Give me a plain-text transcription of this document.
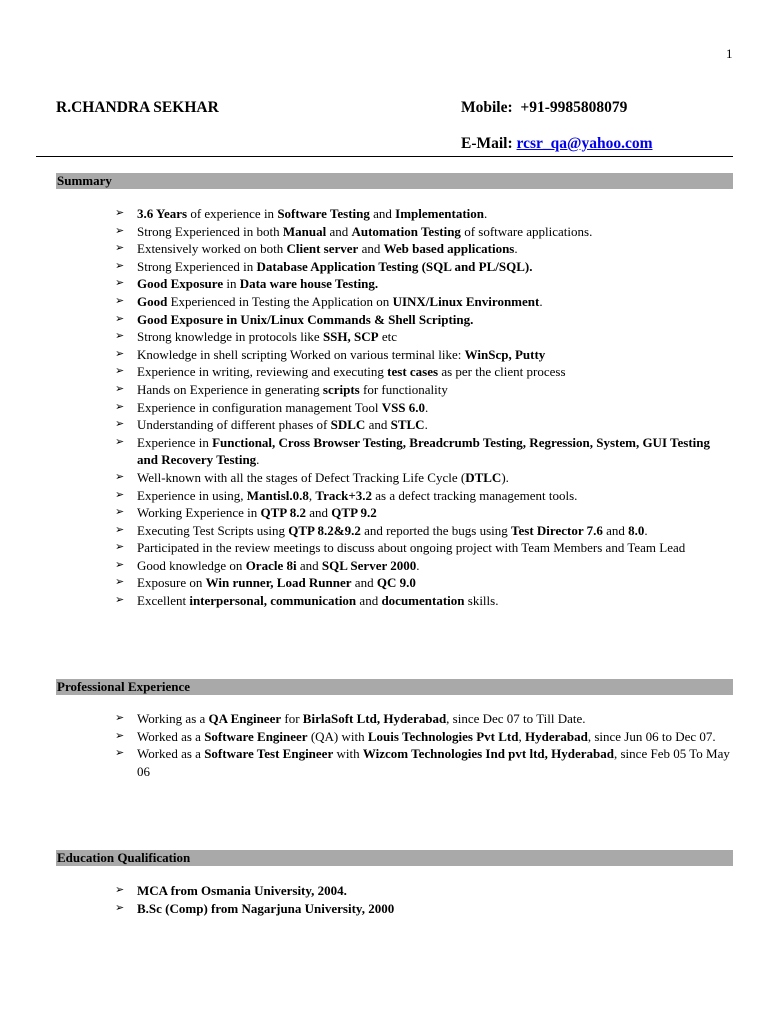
1
R.CHANDRA SEKHAR	Mobile: +91-9985808079
E-Mail: rcsr_qa@yahoo.com
Summary
➢ 3.6 Years of experience in Software Testing and Implementation.
➢ Strong Experienced in both Manual and Automation Testing of software applications.
➢ Extensively worked on both Client server and Web based applications.
➢ Strong Experienced in Database Application Testing (SQL and PL/SQL).
➢ Good Exposure in Data ware house Testing.
➢ Good Experienced in Testing the Application on UINX/Linux Environment.
➢ Good Exposure in Unix/Linux Commands & Shell Scripting.
➢ Strong knowledge in protocols like SSH, SCP etc
➢ Knowledge in shell scripting Worked on various terminal like: WinScp, Putty
➢ Experience in writing, reviewing and executing test cases as per the client process
➢ Hands on Experience in generating scripts for functionality
➢ Experience in configuration management Tool VSS 6.0.
➢ Understanding of different phases of SDLC and STLC.
➢ Experience in Functional, Cross Browser Testing, Breadcrumb Testing, Regression, System, GUI Testing and Recovery Testing.
➢ Well-known with all the stages of Defect Tracking Life Cycle (DTLC).
➢ Experience in using, Mantisl.0.8, Track+3.2 as a defect tracking management tools.
➢ Working Experience in QTP 8.2 and QTP 9.2
➢ Executing Test Scripts using QTP 8.2&9.2 and reported the bugs using Test Director 7.6 and 8.0.
➢ Participated in the review meetings to discuss about ongoing project with Team Members and Team Lead
➢ Good knowledge on Oracle 8i and SQL Server 2000.
➢ Exposure on Win runner, Load Runner and QC 9.0
➢ Excellent interpersonal, communication and documentation skills.
Professional Experience
➢ Working as a QA Engineer for BirlaSoft Ltd, Hyderabad, since Dec 07 to Till Date.
➢ Worked as a Software Engineer (QA) with Louis Technologies Pvt Ltd, Hyderabad, since Jun 06 to Dec 07.
➢ Worked as a Software Test Engineer with Wizcom Technologies Ind pvt ltd, Hyderabad, since Feb 05 To May 06
Education Qualification
➢ MCA from Osmania University, 2004.
➢ B.Sc (Comp) from Nagarjuna University, 2000
